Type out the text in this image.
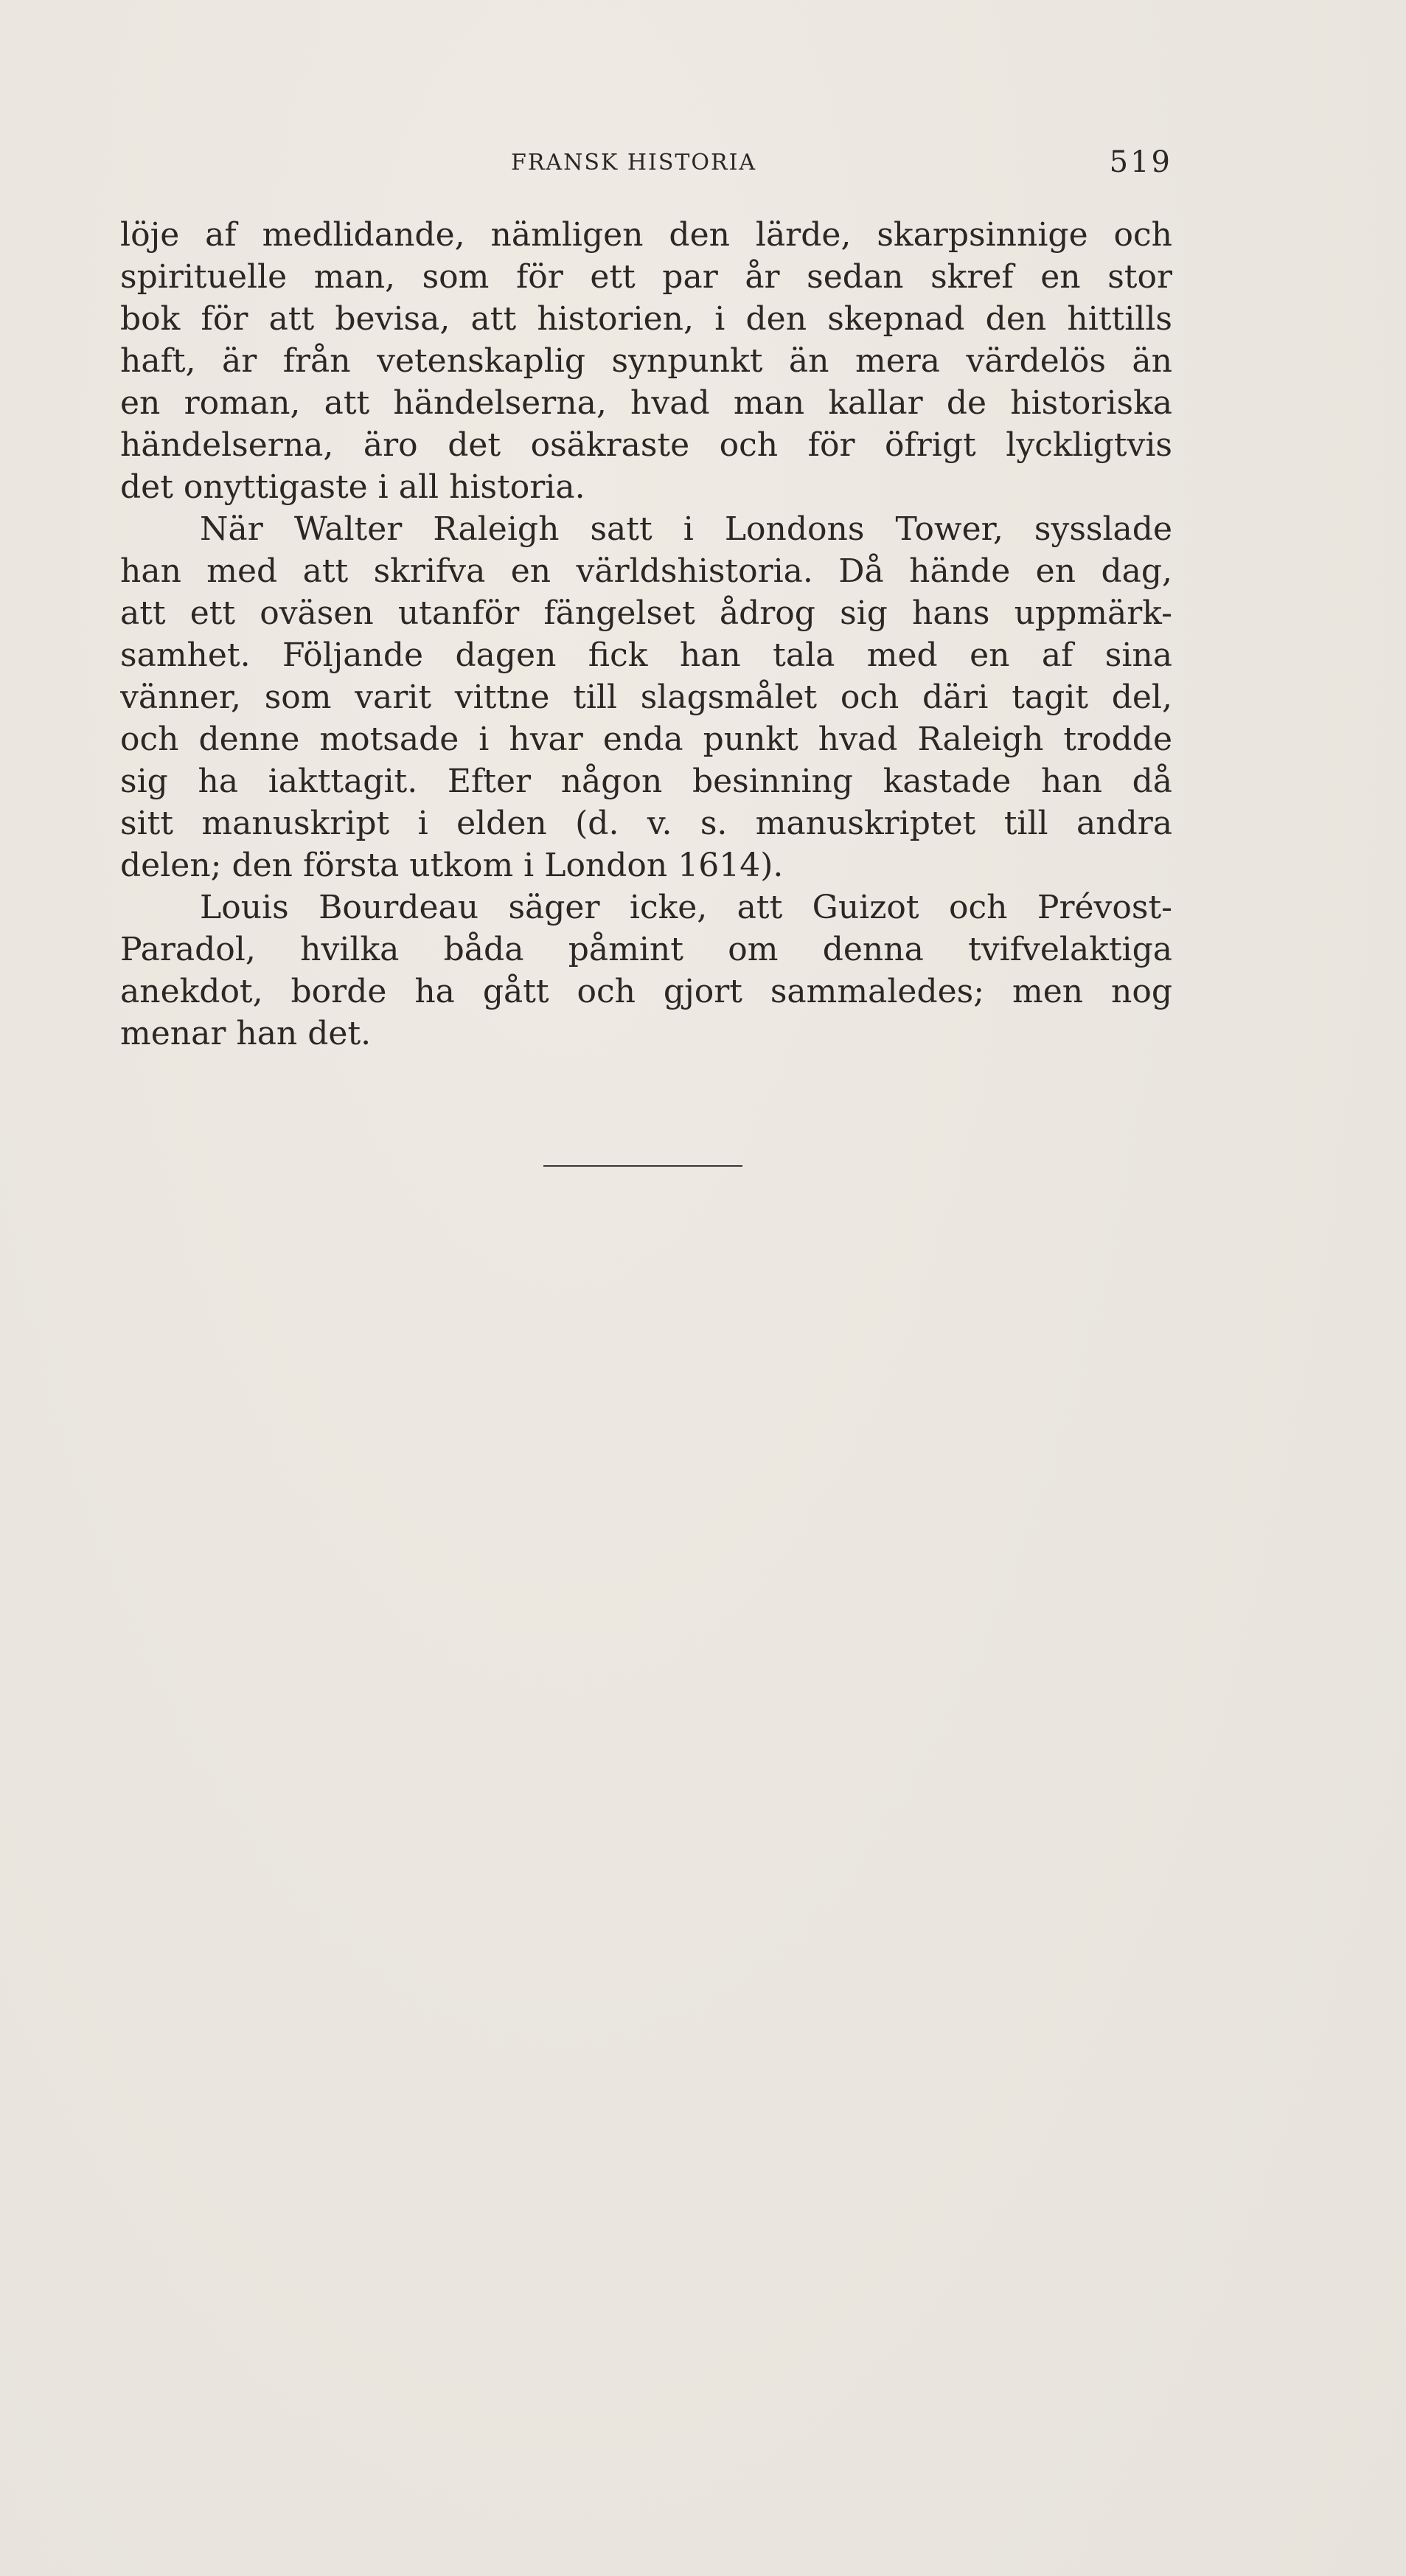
FRANSK HISTORIA	519
löje af medlidande, nämligen den lärde, skarpsinnige och
spirituelle man, som för ett par år sedan skref en stor
bok för att bevisa, att historien, i den skepnad den hittills
haft, är från vetenskaplig synpunkt än mera värdelös än
en roman, att händelserna, hvad man kallar de historiska
händelserna, äro det osäkraste och för öfrigt lyckligtvis
det onyttigaste i all historia.
När Walter Raleigh satt i Londons Tower, sysslade
han med att skrifva en världshistoria. Då hände en dag,
att ett oväsen utanför fängelset ådrog sig hans uppmärk-
samhet. Följande dagen fick han tala med en af sina
vänner, som varit vittne till slagsmålet och däri tagit del,
och denne motsade i hvar enda punkt hvad Raleigh trodde
sig ha iakttagit. Efter någon besinning kastade han då
sitt manuskript i elden (d. v. s. manuskriptet till andra
delen; den första utkom i London 1614).
Louis Bourdeau säger icke, att Guizot och Prévost-
Paradol, hvilka båda påmint om denna tvifvelaktiga
anekdot, borde ha gått och gjort sammaledes; men nog
menar han det.
